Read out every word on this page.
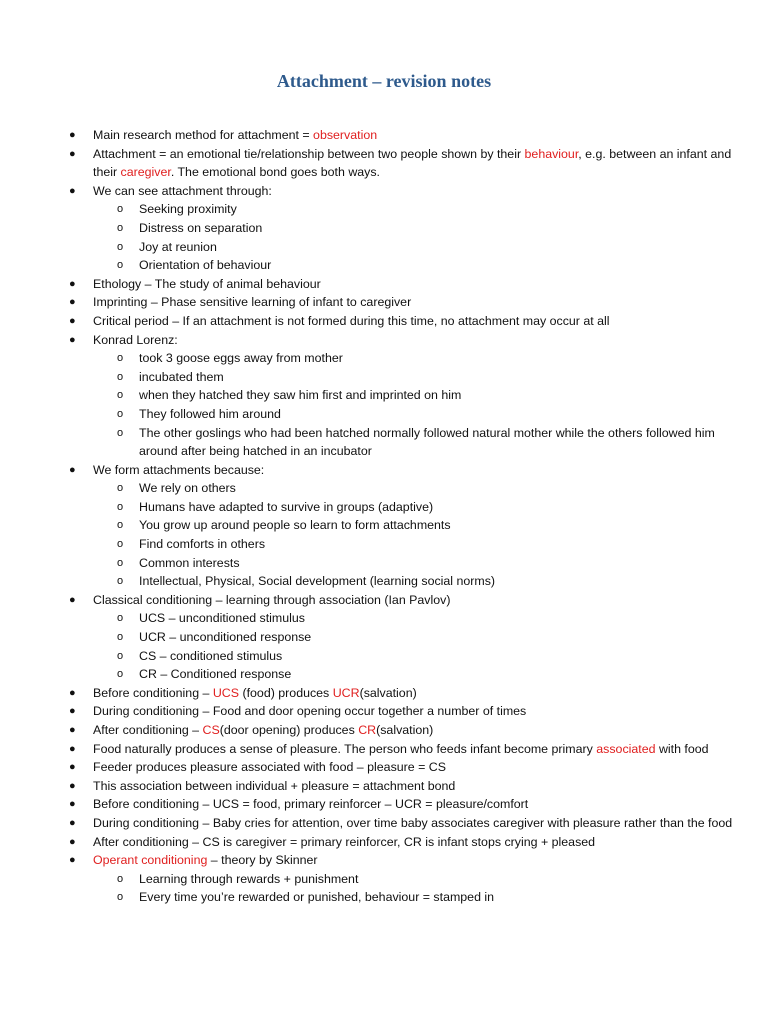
Attachment – revision notes
● Main research method for attachment = observation
● Attachment = an emotional tie/relationship between two people shown by their behaviour, e.g. between an infant and their caregiver. The emotional bond goes both ways.
● We can see attachment through:
o Seeking proximity
o Distress on separation
o Joy at reunion
o Orientation of behaviour
● Ethology – The study of animal behaviour
● Imprinting – Phase sensitive learning of infant to caregiver
● Critical period – If an attachment is not formed during this time, no attachment may occur at all
● Konrad Lorenz:
o took 3 goose eggs away from mother
o incubated them
o when they hatched they saw him first and imprinted on him
o They followed him around
o The other goslings who had been hatched normally followed natural mother while the others followed him around after being hatched in an incubator
● We form attachments because:
o We rely on others
o Humans have adapted to survive in groups (adaptive)
o You grow up around people so learn to form attachments
o Find comforts in others
o Common interests
o Intellectual, Physical, Social development (learning social norms)
● Classical conditioning – learning through association (Ian Pavlov)
o UCS – unconditioned stimulus
o UCR – unconditioned response
o CS – conditioned stimulus
o CR – Conditioned response
● Before conditioning – UCS (food) produces UCR(salvation)
● During conditioning – Food and door opening occur together a number of times
● After conditioning – CS(door opening) produces CR(salvation)
● Food naturally produces a sense of pleasure. The person who feeds infant become primary associated with food
● Feeder produces pleasure associated with food – pleasure = CS
● This association between individual + pleasure = attachment bond
● Before conditioning – UCS = food, primary reinforcer – UCR = pleasure/comfort
● During conditioning – Baby cries for attention, over time baby associates caregiver with pleasure rather than the food
● After conditioning – CS is caregiver = primary reinforcer, CR is infant stops crying + pleased
● Operant conditioning – theory by Skinner
o Learning through rewards + punishment
o Every time you’re rewarded or punished, behaviour = stamped in
